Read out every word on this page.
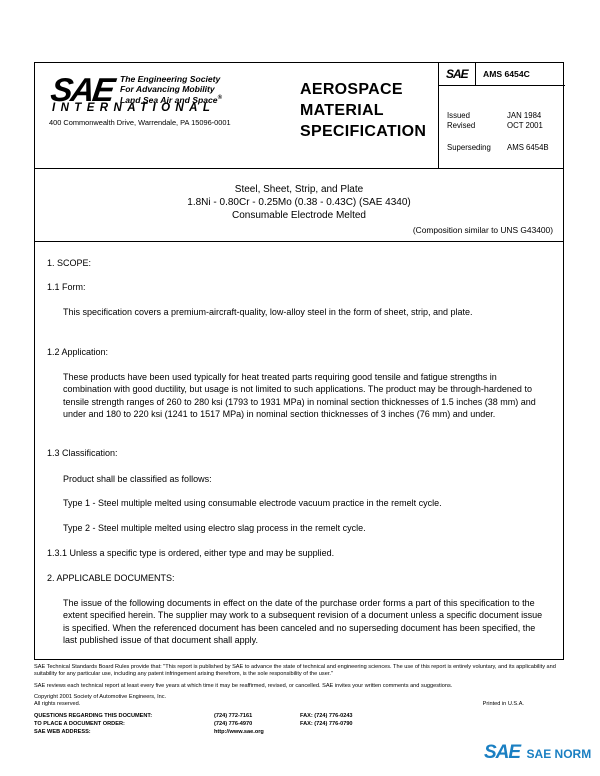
SAE The Engineering Society
For Advancing Mobility
Land Sea Air and Space®
INTERNATIONAL
400 Commonwealth Drive, Warrendale, PA 15096-0001
AEROSPACE
MATERIAL
SPECIFICATION
SAE AMS 6454C
Issued	JAN 1984
Revised	OCT 2001
Superseding AMS 6454B
Steel, Sheet, Strip, and Plate
1.8Ni - 0.80Cr - 0.25Mo (0.38 - 0.43C) (SAE 4340)
Consumable Electrode Melted
(Composition similar to UNS G43400)
1. SCOPE:
1.1 Form:
This specification covers a premium-aircraft-quality, low-alloy steel in the form of sheet, strip, and plate.
1.2 Application:
These products have been used typically for heat treated parts requiring good tensile and fatigue strengths in combination with good ductility, but usage is not limited to such applications. The product may be through-hardened to tensile strength ranges of 260 to 280 ksi (1793 to 1931 MPa) in nominal section thicknesses of 1.5 inches (38 mm) and under and 180 to 220 ksi (1241 to 1517 MPa) in nominal section thicknesses of 3 inches (76 mm) and under.
1.3 Classification:
Product shall be classified as follows:
Type 1 - Steel multiple melted using consumable electrode vacuum practice in the remelt cycle.
Type 2 - Steel multiple melted using electro slag process in the remelt cycle.
1.3.1 Unless a specific type is ordered, either type and may be supplied.
2. APPLICABLE DOCUMENTS:
The issue of the following documents in effect on the date of the purchase order forms a part of this specification to the extent specified herein. The supplier may work to a subsequent revision of a document unless a specific document issue is specified. When the referenced document has been canceled and no superseding document has been specified, the last published issue of that document shall apply.
SAE Technical Standards Board Rules provide that: "This report is published by SAE to advance the state of technical and engineering sciences. The use of this report is entirely voluntary, and its applicability and suitability for any particular use, including any patent infringement arising therefrom, is the sole responsibility of the user."
SAE reviews each technical report at least every five years at which time it may be reaffirmed, revised, or cancelled. SAE invites your written comments and suggestions.
Copyright 2001 Society of Automotive Engineers, Inc.
All rights reserved.	Printed in U.S.A.
QUESTIONS REGARDING THIS DOCUMENT:	(724) 772-7161	FAX: (724) 776-0243
TO PLACE A DOCUMENT ORDER:	(724) 776-4970	FAX: (724) 776-0790
SAE WEB ADDRESS:	http://www.sae.org
SAE SAE NORM
